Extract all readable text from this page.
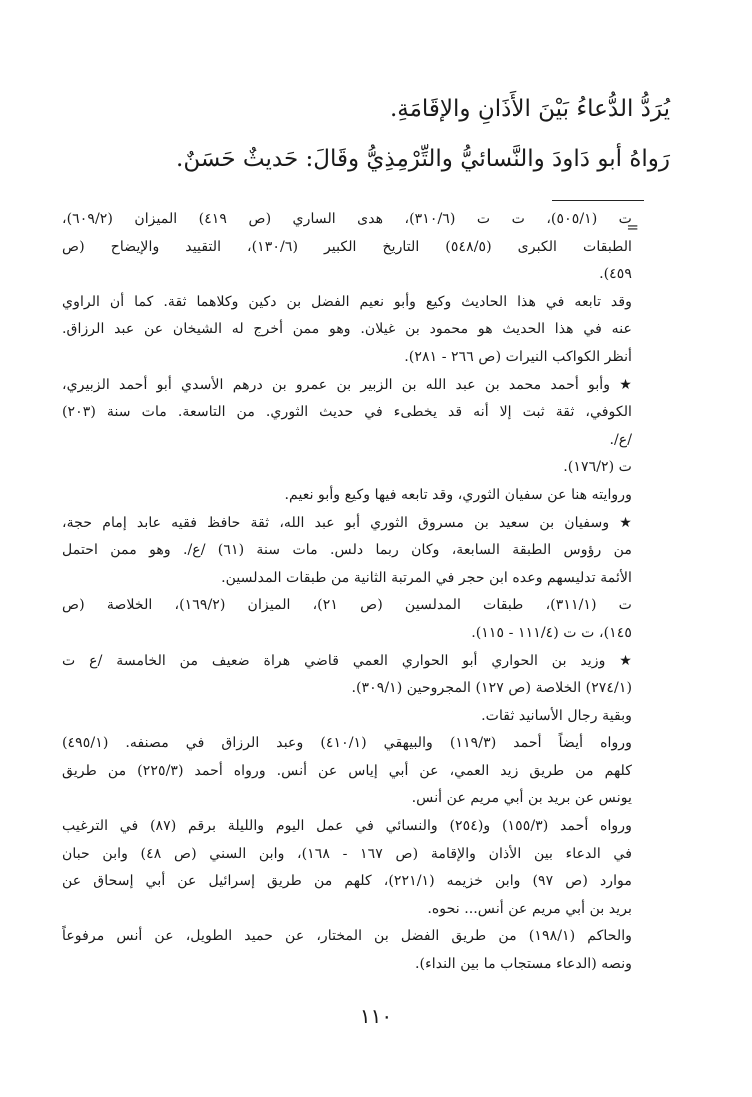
يُرَدُّ الدُّعاءُ بَيْنَ الأَذَانِ والإقَامَةِ.
رَواهُ أبو دَاودَ والنَّسائيُّ والتِّرْمِذِيُّ وقَالَ: حَديثٌ حَسَنٌ.
=
ت (٥٠٥/١)، ت ت (٣١٠/٦)، هدى الساري (ص ٤١٩) الميزان (٦٠٩/٢)،
الطبقات الكبرى (٥٤٨/٥) التاريخ الكبير (١٣٠/٦)، التقييد والإيضاح (ص
٤٥٩).
وقد تابعه في هذا الحاديث وكيع وأبو نعيم الفضل بن دكين وكلاهما ثقة. كما أن الراوي
عنه في هذا الحديث هو محمود بن غيلان. وهو ممن أخرج له الشيخان عن عبد الرزاق.
أنظر الكواكب النيرات (ص ٢٦٦ - ٢٨١).
★ وأبو أحمد محمد بن عبد الله بن الزبير بن عمرو بن درهم الأسدي أبو أحمد الزبيري،
الكوفي، ثقة ثبت إلا أنه قد يخطىء في حديث الثوري. من التاسعة. مات سنة (٢٠٣)
/ع/.
ت (١٧٦/٢).
وروايته هنا عن سفيان الثوري، وقد تابعه فيها وكيع وأبو نعيم.
★ وسفيان بن سعيد بن مسروق الثوري أبو عبد الله، ثقة حافظ فقيه عابد إمام حجة،
من رؤوس الطبقة السابعة، وكان ربما دلس. مات سنة (٦١) /ع/. وهو ممن احتمل
الأئمة تدليسهم وعده ابن حجر في المرتبة الثانية من طبقات المدلسين.
ت (٣١١/١)، طبقات المدلسين (ص ٢١)، الميزان (١٦٩/٢)، الخلاصة (ص
١٤٥)، ت ت (١١١/٤ - ١١٥).
★ وزيد بن الحواري أبو الحواري العمي قاضي هراة ضعيف من الخامسة /ع ت
(٢٧٤/١) الخلاصة (ص ١٢٧) المجروحين (٣٠٩/١).
وبقية رجال الأسانيد ثقات.
ورواه أيضاً أحمد (١١٩/٣) والبيهقي (٤١٠/١) وعبد الرزاق في مصنفه. (٤٩٥/١)
كلهم من طريق زيد العمي، عن أبي إياس عن أنس. ورواه أحمد (٢٢٥/٣) من طريق
يونس عن بريد بن أبي مريم عن أنس.
ورواه أحمد (١٥٥/٣) و(٢٥٤) والنسائي في عمل اليوم والليلة برقم (٨٧) في الترغيب
في الدعاء بين الأذان والإقامة (ص ١٦٧ - ١٦٨)، وابن السني (ص ٤٨) وابن حبان
موارد (ص ٩٧) وابن خزيمه (٢٢١/١)، كلهم من طريق إسرائيل عن أبي إسحاق عن
بريد بن أبي مريم عن أنس... نحوه.
والحاكم (١٩٨/١) من طريق الفضل بن المختار، عن حميد الطويل، عن أنس مرفوعاً
ونصه (الدعاء مستجاب ما بين النداء).
١١٠
